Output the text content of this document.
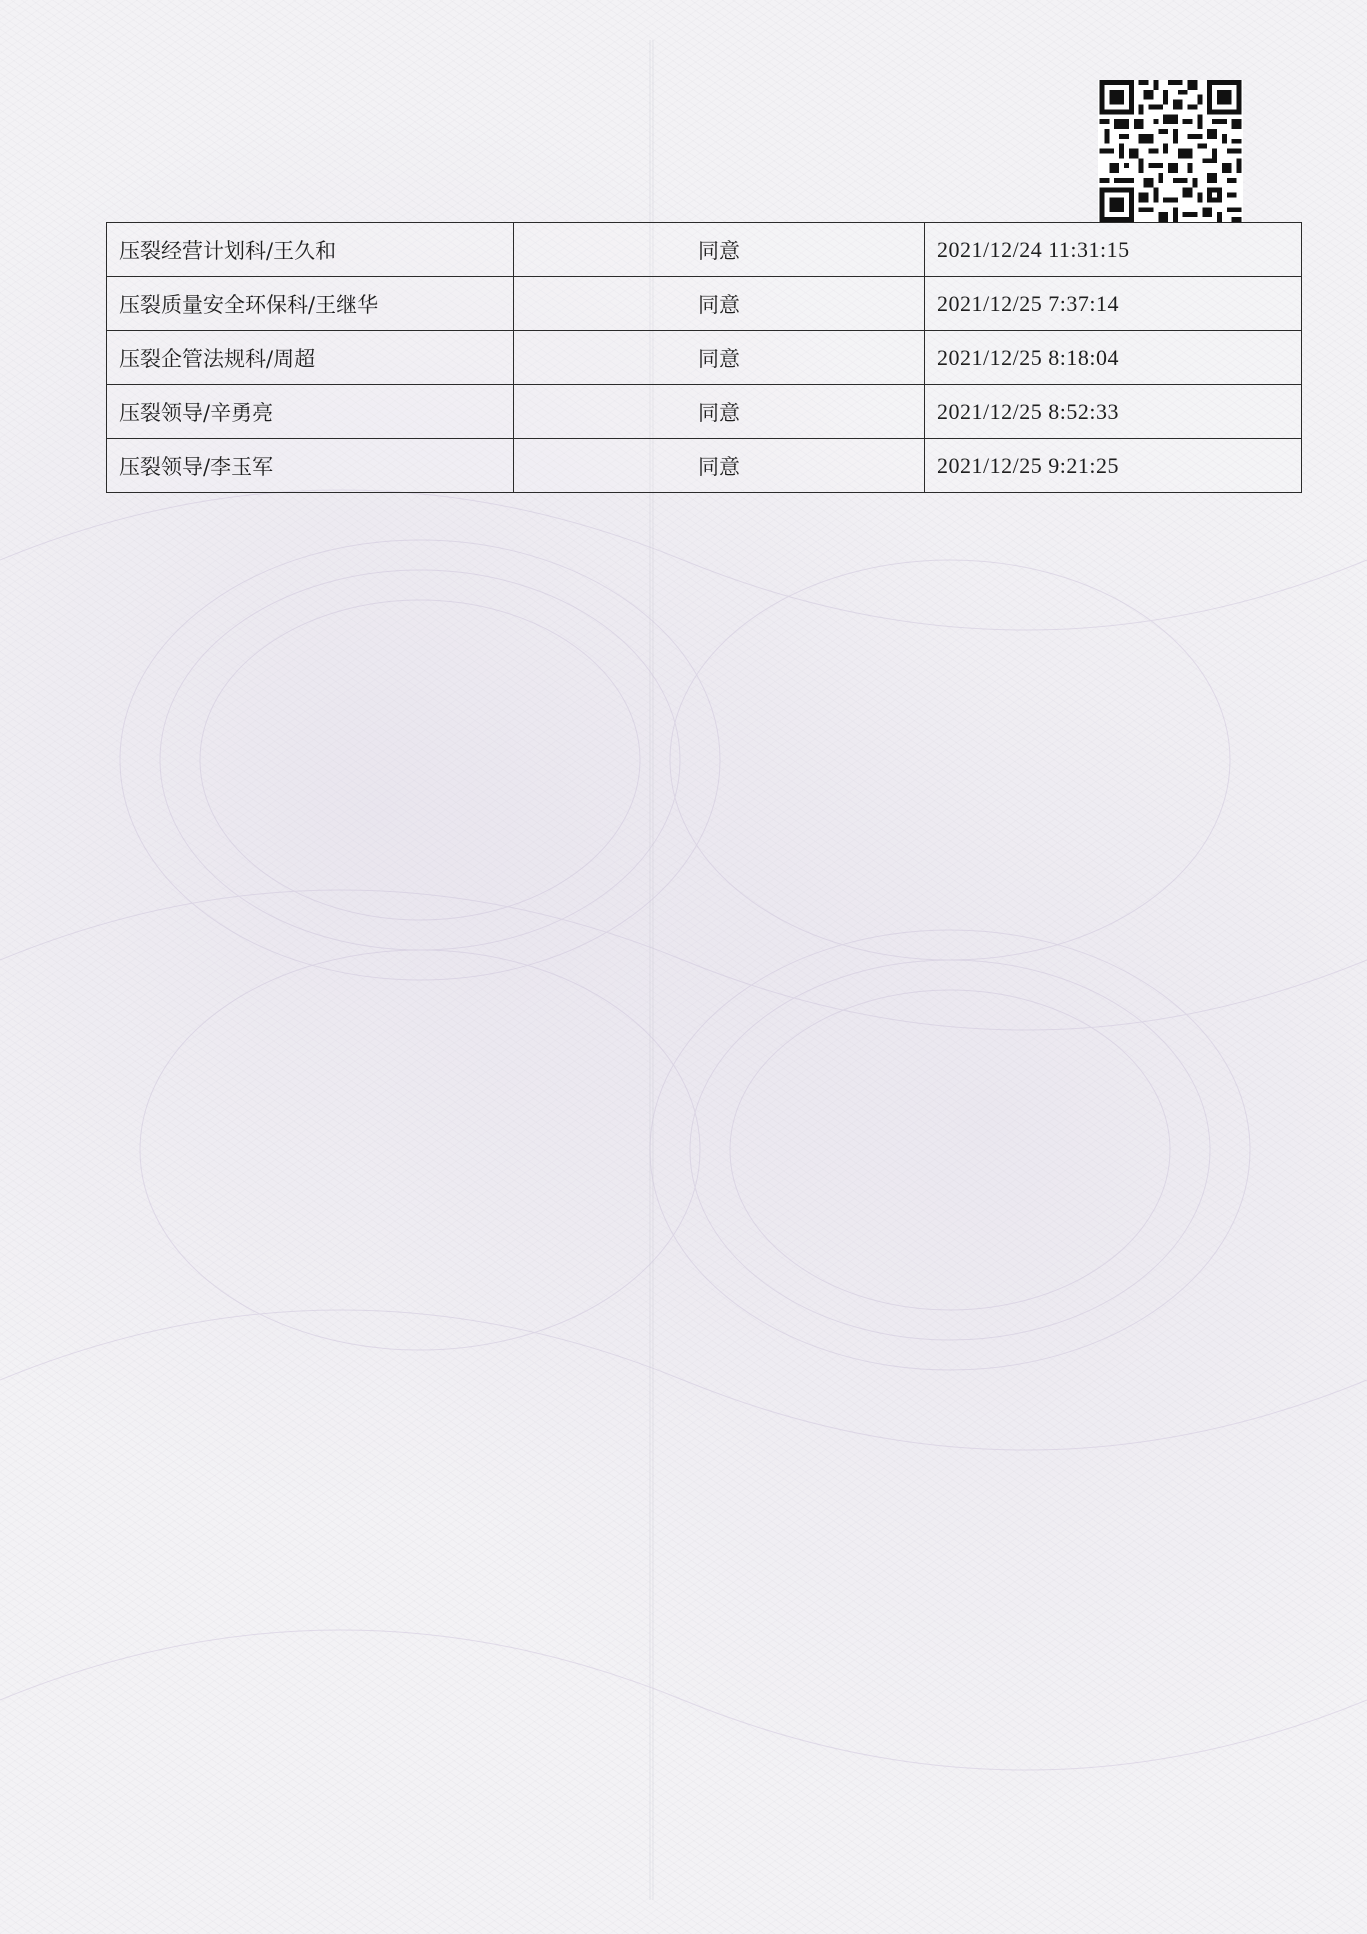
压裂经营计划科/王久和	同意	2021/12/24 11:31:15
压裂质量安全环保科/王继华	同意	2021/12/25 7:37:14
压裂企管法规科/周超	同意	2021/12/25 8:18:04
压裂领导/辛勇亮	同意	2021/12/25 8:52:33
压裂领导/李玉军	同意	2021/12/25 9:21:25
